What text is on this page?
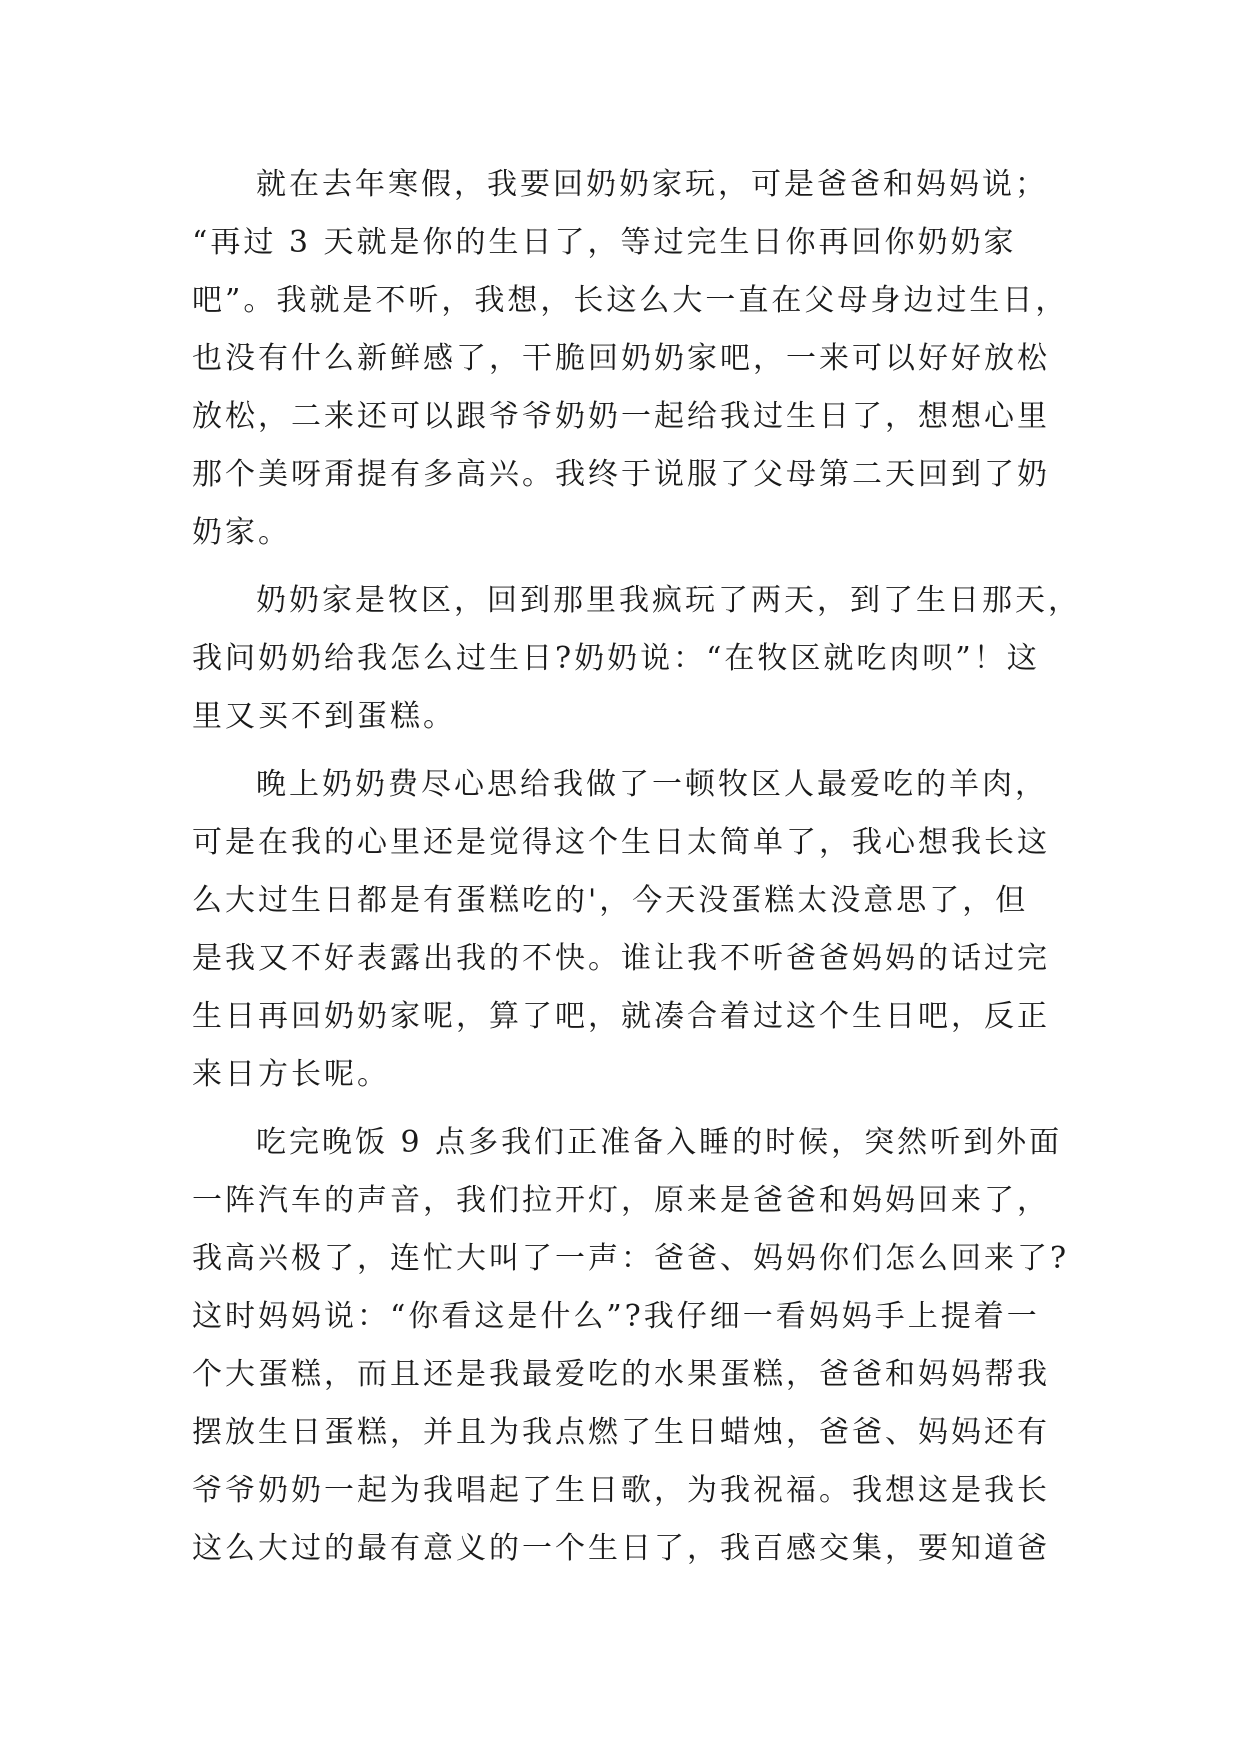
就在去年寒假，我要回奶奶家玩，可是爸爸和妈妈说；
“再过 3 天就是你的生日了，等过完生日你再回你奶奶家
吧”。我就是不听，我想，长这么大一直在父母身边过生日，
也没有什么新鲜感了，干脆回奶奶家吧，一来可以好好放松
放松，二来还可以跟爷爷奶奶一起给我过生日了，想想心里
那个美呀甭提有多高兴。我终于说服了父母第二天回到了奶
奶家。
奶奶家是牧区，回到那里我疯玩了两天，到了生日那天，
我问奶奶给我怎么过生日?奶奶说：“在牧区就吃肉呗”！这
里又买不到蛋糕。
晚上奶奶费尽心思给我做了一顿牧区人最爱吃的羊肉，
可是在我的心里还是觉得这个生日太简单了，我心想我长这
么大过生日都是有蛋糕吃的'，今天没蛋糕太没意思了，但
是我又不好表露出我的不快。谁让我不听爸爸妈妈的话过完
生日再回奶奶家呢，算了吧，就凑合着过这个生日吧，反正
来日方长呢。
吃完晚饭 9 点多我们正准备入睡的时候，突然听到外面
一阵汽车的声音，我们拉开灯，原来是爸爸和妈妈回来了，
我高兴极了，连忙大叫了一声：爸爸、妈妈你们怎么回来了?
这时妈妈说：“你看这是什么”?我仔细一看妈妈手上提着一
个大蛋糕，而且还是我最爱吃的水果蛋糕，爸爸和妈妈帮我
摆放生日蛋糕，并且为我点燃了生日蜡烛，爸爸、妈妈还有
爷爷奶奶一起为我唱起了生日歌，为我祝福。我想这是我长
这么大过的最有意义的一个生日了，我百感交集，要知道爸
